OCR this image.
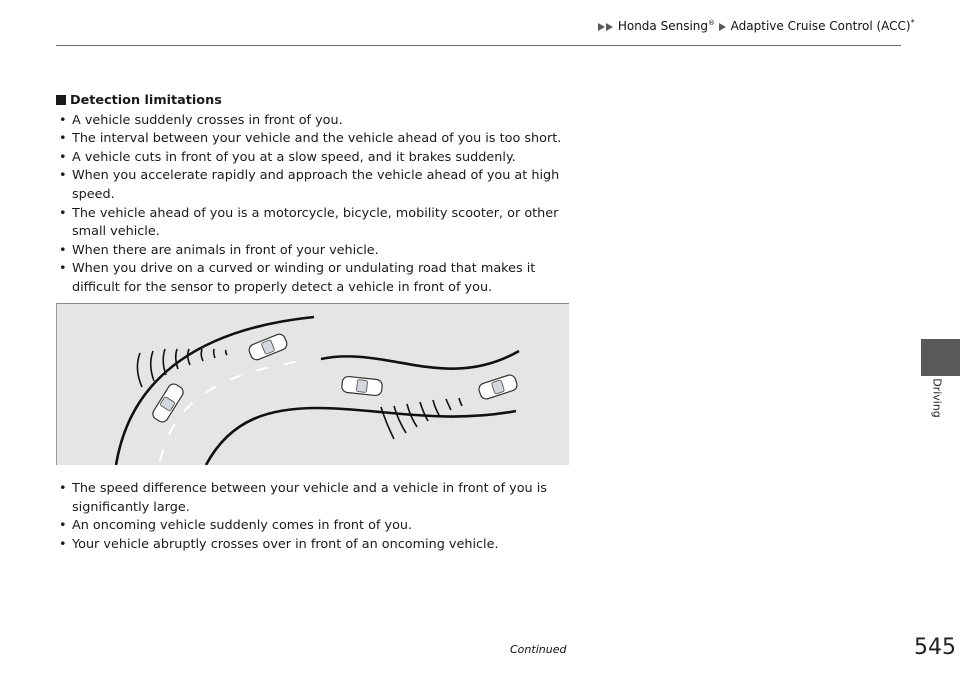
Honda Sensing® Adaptive Cruise Control (ACC)*
Driving
Detection limitations
• A vehicle suddenly crosses in front of you.
• The interval between your vehicle and the vehicle ahead of you is too short.
• A vehicle cuts in front of you at a slow speed, and it brakes suddenly.
• When you accelerate rapidly and approach the vehicle ahead of you at high speed.
• The vehicle ahead of you is a motorcycle, bicycle, mobility scooter, or other small vehicle.
• When there are animals in front of your vehicle.
• When you drive on a curved or winding or undulating road that makes it difficult for the sensor to properly detect a vehicle in front of you.
• The speed difference between your vehicle and a vehicle in front of you is significantly large.
• An oncoming vehicle suddenly comes in front of you.
• Your vehicle abruptly crosses over in front of an oncoming vehicle.
Continued	545
